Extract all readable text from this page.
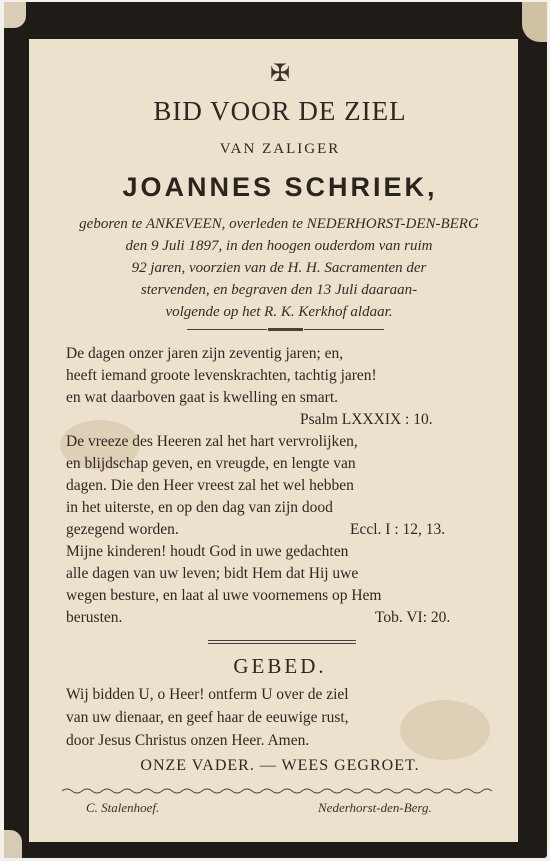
✠
BID VOOR DE ZIEL
VAN ZALIGER
JOANNES SCHRIEK,
geboren te ANKEVEEN, overleden te NEDERHORST-DEN-BERG
den 9 Juli 1897, in den hoogen ouderdom van ruim
92 jaren, voorzien van de H. H. Sacramenten der
stervenden, en begraven den 13 Juli daaraan-
volgende op het R. K. Kerkhof aldaar.
De dagen onzer jaren zijn zeventig jaren; en,
heeft iemand groote levenskrachten, tachtig jaren!
en wat daarboven gaat is kwelling en smart.
Psalm LXXXIX : 10.
De vreeze des Heeren zal het hart vervrolijken,
en blijdschap geven, en vreugde, en lengte van
dagen. Die den Heer vreest zal het wel hebben
in het uiterste, en op den dag van zijn dood
gezegend worden.	Eccl. I : 12, 13.
Mijne kinderen! houdt God in uwe gedachten
alle dagen van uw leven; bidt Hem dat Hij uwe
wegen besture, en laat al uwe voornemens op Hem
berusten.	Tob. VI: 20.
GEBED.
Wij bidden U, o Heer! ontferm U over de ziel
van uw dienaar, en geef haar de eeuwige rust,
door Jesus Christus onzen Heer. Amen.
ONZE VADER. — WEES GEGROET.
C. Stalenhoef.	Nederhorst-den-Berg.
